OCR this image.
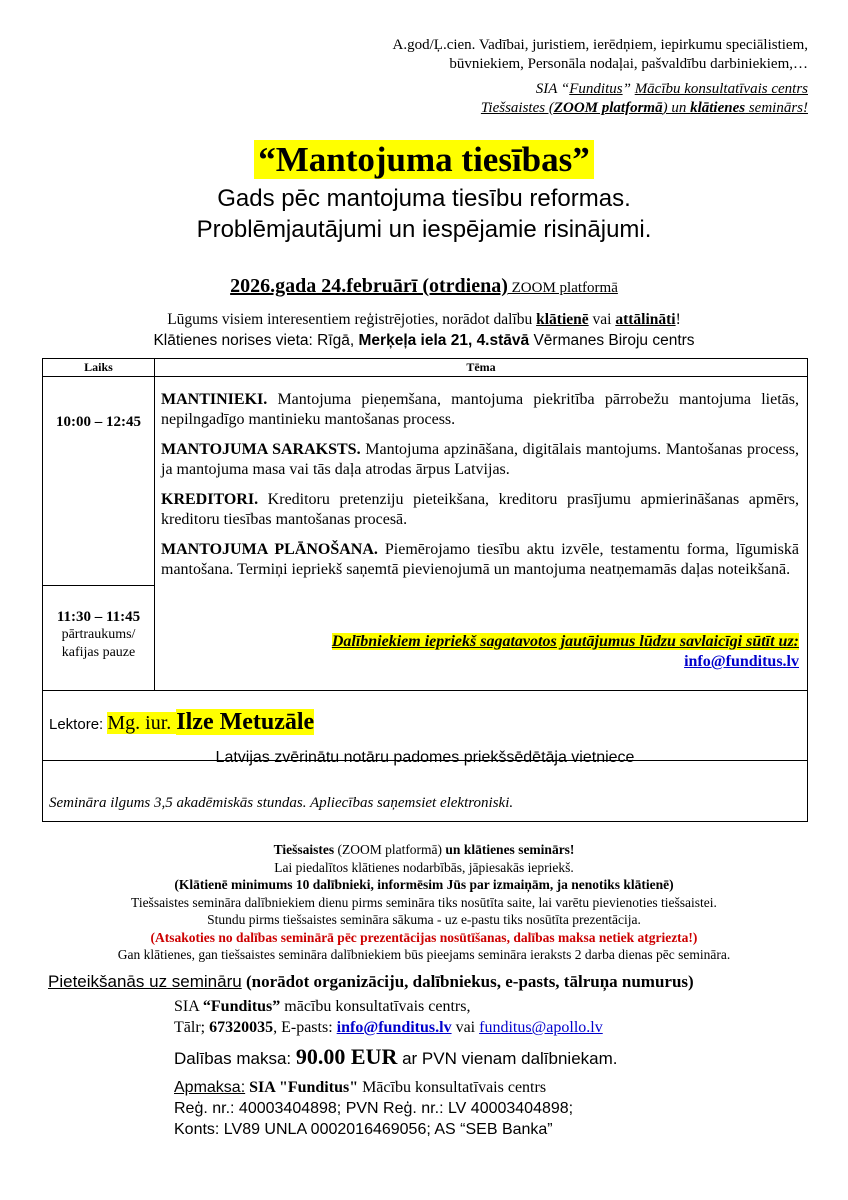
A.god/Ļ.cien. Vadībai, juristiem, ierēdņiem, iepirkumu speciālistiem,
būvniekiem, Personāla nodaļai, pašvaldību darbiniekiem,…
SIA “Funditus” Mācību konsultatīvais centrs
Tiešsaistes (ZOOM platformā) un klātienes seminārs!
“Mantojuma tiesības”
Gads pēc mantojuma tiesību reformas.
Problēmjautājumi un iespējamie risinājumi.
2026.gada 24.februārī (otrdiena) ZOOM platformā
Lūgums visiem interesentiem reģistrējoties, norādot dalību klātienē vai attālināti!
Klātienes norises vieta: Rīgā, Merķeļa iela 21, 4.stāvā Vērmanes Biroju centrs
Laiks	Tēma
10:00 – 12:45
11:30 – 11:45
pārtraukums/
kafijas pauze

MANTINIEKI. Mantojuma pieņemšana, mantojuma piekritība pārrobežu mantojuma lietās, nepilngadīgo mantinieku mantošanas process.

MANTOJUMA SARAKSTS. Mantojuma apzināšana, digitālais mantojums. Mantošanas process, ja mantojuma masa vai tās daļa atrodas ārpus Latvijas.

KREDITORI. Kreditoru pretenziju pieteikšana, kreditoru prasījumu apmierināšanas apmērs, kreditoru tiesības mantošanas procesā.

MANTOJUMA PLĀNOŠANA. Piemērojamo tiesību aktu izvēle, testamentu forma, līgumiskā mantošana. Termiņi iepriekš saņemtā pievienojumā un mantojuma neatņemamās daļas noteikšanā.

Dalībniekiem iepriekš sagatavotos jautājumus lūdzu savlaicīgi sūtīt uz:
info@funditus.lv
Lektore: Mg. iur. Ilze Metuzāle
Latvijas zvērinātu notāru padomes priekšsēdētāja vietniece
Semināra ilgums 3,5 akadēmiskās stundas. Apliecības saņemsiet elektroniski.
Tiešsaistes (ZOOM platformā) un klātienes seminārs!
Lai piedalītos klātienes nodarbībās, jāpiesakās iepriekš.
(Klātienē minimums 10 dalībnieki, informēsim Jūs par izmaiņām, ja nenotiks klātienē)
Tiešsaistes semināra dalībniekiem dienu pirms semināra tiks nosūtīta saite, lai varētu pievienoties tiešsaistei.
Stundu pirms tiešsaistes semināra sākuma - uz e-pastu tiks nosūtīta prezentācija.
(Atsakoties no dalības seminārā pēc prezentācijas nosūtīšanas, dalības maksa netiek atgriezta!)
Gan klātienes, gan tiešsaistes semināra dalībniekiem būs pieejams semināra ieraksts 2 darba dienas pēc semināra.
Pieteikšanās uz semināru (norādot organizāciju, dalībniekus, e-pasts, tālruņa numurus)
SIA “Funditus” mācību konsultatīvais centrs,
Tālr; 67320035, E-pasts: info@funditus.lv vai funditus@apollo.lv
Dalības maksa: 90.00 EUR ar PVN vienam dalībniekam.
Apmaksa: SIA "Funditus" Mācību konsultatīvais centrs
Reģ. nr.: 40003404898; PVN Reģ. nr.: LV 40003404898;
Konts: LV89 UNLA 0002016469056; AS “SEB Banka”
